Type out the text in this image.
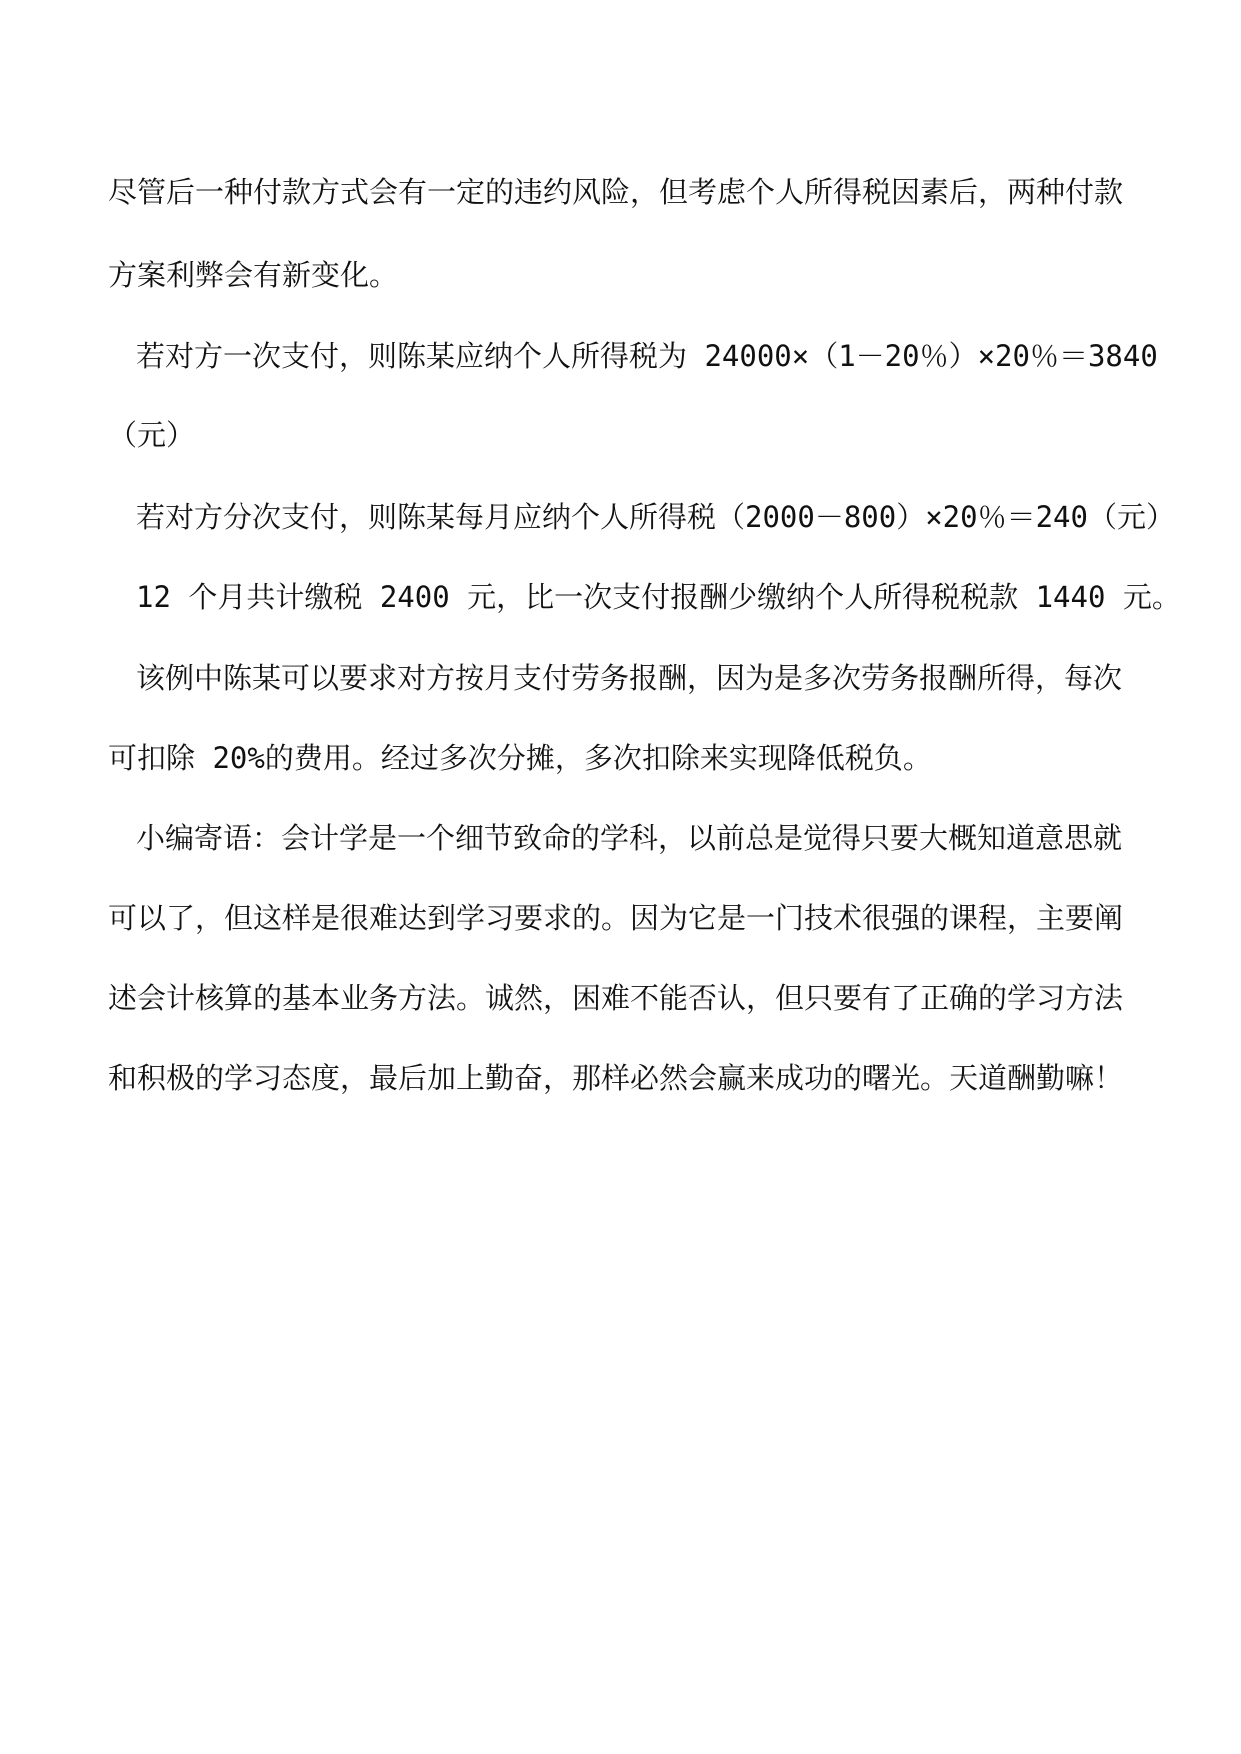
尽管后一种付款方式会有一定的违约风险，但考虑个人所得税因素后，两种付款
方案利弊会有新变化。
若对方一次支付，则陈某应纳个人所得税为 24000×（1－20％）×20％＝3840
（元）
若对方分次支付，则陈某每月应纳个人所得税（2000－800）×20％＝240（元）
12 个月共计缴税 2400 元，比一次支付报酬少缴纳个人所得税税款 1440 元。
该例中陈某可以要求对方按月支付劳务报酬，因为是多次劳务报酬所得，每次
可扣除 20%的费用。经过多次分摊，多次扣除来实现降低税负。
小编寄语：会计学是一个细节致命的学科，以前总是觉得只要大概知道意思就
可以了，但这样是很难达到学习要求的。因为它是一门技术很强的课程，主要阐
述会计核算的基本业务方法。诚然，困难不能否认，但只要有了正确的学习方法
和积极的学习态度，最后加上勤奋，那样必然会赢来成功的曙光。天道酬勤嘛！
